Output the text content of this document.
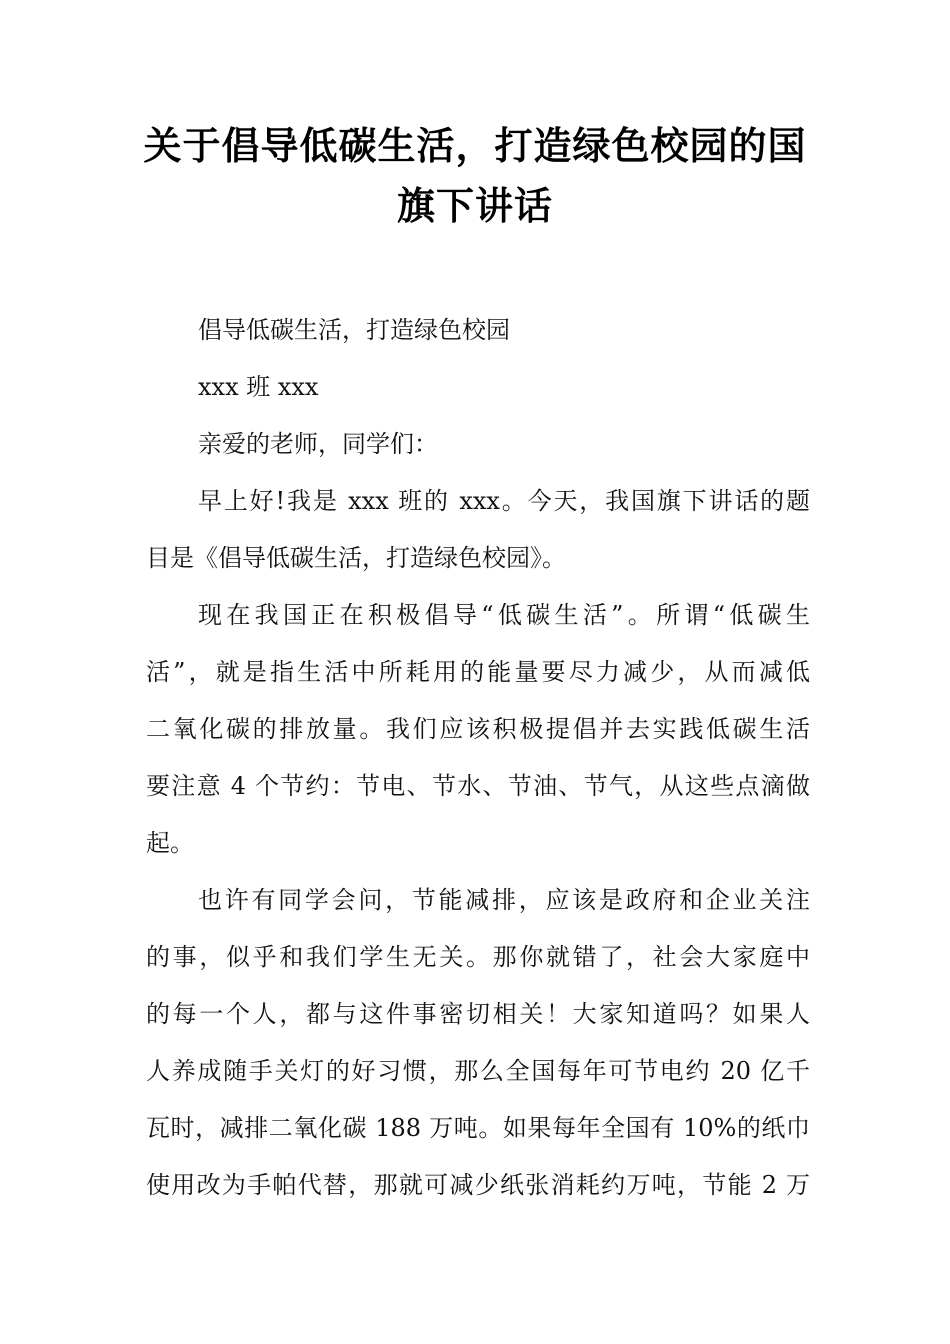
关于倡导低碳生活，打造绿色校园的国
旗下讲话
倡导低碳生活，打造绿色校园
xxx 班 xxx
亲爱的老师，同学们：
早上好!我是 xxx 班的 xxx。今天，我国旗下讲话的题
目是《倡导低碳生活，打造绿色校园》。
现在我国正在积极倡导“低碳生活”。所谓“低碳生
活”，就是指生活中所耗用的能量要尽力减少，从而减低
二氧化碳的排放量。我们应该积极提倡并去实践低碳生活
要注意 4 个节约：节电、节水、节油、节气，从这些点滴做
起。
也许有同学会问，节能减排，应该是政府和企业关注
的事，似乎和我们学生无关。那你就错了，社会大家庭中
的每一个人，都与这件事密切相关！大家知道吗？如果人
人养成随手关灯的好习惯，那么全国每年可节电约 20 亿千
瓦时，减排二氧化碳 188 万吨。如果每年全国有 10%的纸巾
使用改为手帕代替，那就可减少纸张消耗约万吨，节能 2 万
